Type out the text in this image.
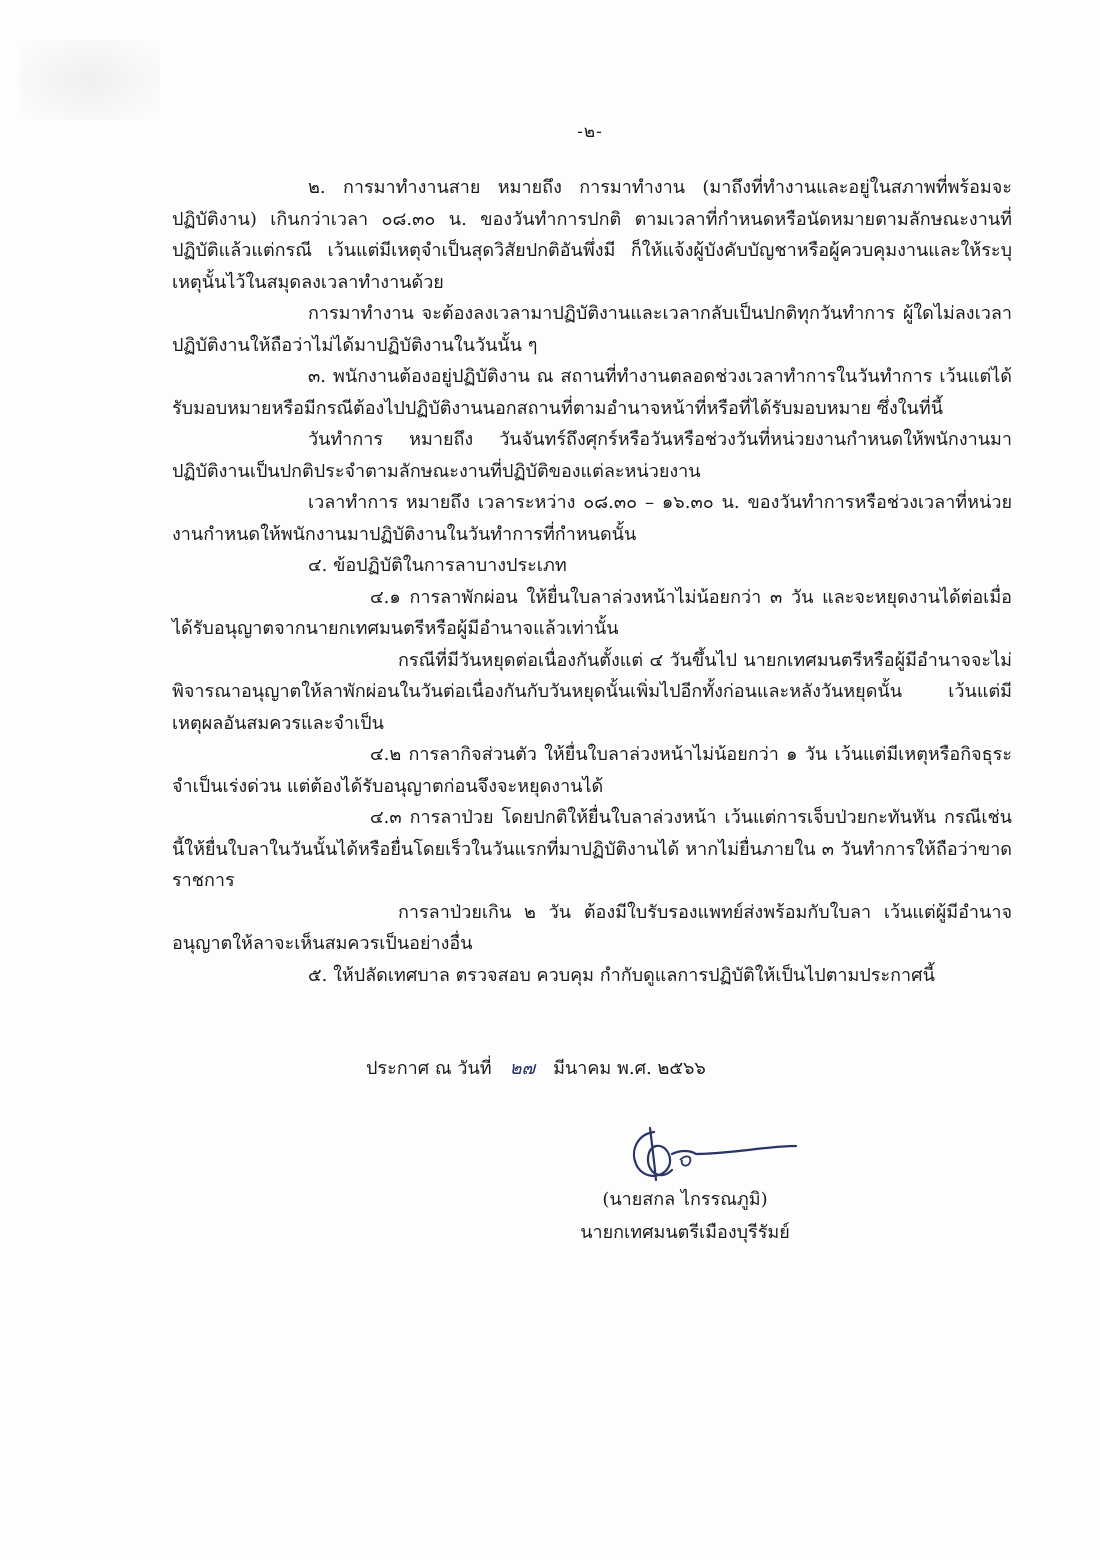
-๒-

๒. การมาทำงานสาย หมายถึง การมาทำงาน (มาถึงที่ทำงานและอยู่ในสภาพที่พร้อมจะปฏิบัติงาน) เกินกว่าเวลา ๐๘.๓๐ น. ของวันทำการปกติ ตามเวลาที่กำหนดหรือนัดหมายตามลักษณะงานที่ปฏิบัติแล้วแต่กรณี เว้นแต่มีเหตุจำเป็นสุดวิสัยปกติอันพึ่งมี ก็ให้แจ้งผู้บังคับบัญชาหรือผู้ควบคุมงานและให้ระบุเหตุนั้นไว้ในสมุดลงเวลาทำงานด้วย

การมาทำงาน จะต้องลงเวลามาปฏิบัติงานและเวลากลับเป็นปกติทุกวันทำการ ผู้ใดไม่ลงเวลาปฏิบัติงานให้ถือว่าไม่ได้มาปฏิบัติงานในวันนั้น ๆ

๓. พนักงานต้องอยู่ปฏิบัติงาน ณ สถานที่ทำงานตลอดช่วงเวลาทำการในวันทำการ เว้นแต่ได้รับมอบหมายหรือมีกรณีต้องไปปฏิบัติงานนอกสถานที่ตามอำนาจหน้าที่หรือที่ได้รับมอบหมาย ซึ่งในที่นี้

วันทำการ หมายถึง วันจันทร์ถึงศุกร์หรือวันหรือช่วงวันที่หน่วยงานกำหนดให้พนักงานมาปฏิบัติงานเป็นปกติประจำตามลักษณะงานที่ปฏิบัติของแต่ละหน่วยงาน

เวลาทำการ หมายถึง เวลาระหว่าง ๐๘.๓๐ – ๑๖.๓๐ น. ของวันทำการหรือช่วงเวลาที่หน่วยงานกำหนดให้พนักงานมาปฏิบัติงานในวันทำการที่กำหนดนั้น

๔. ข้อปฏิบัติในการลาบางประเภท

๔.๑ การลาพักผ่อน ให้ยื่นใบลาล่วงหน้าไม่น้อยกว่า ๓ วัน และจะหยุดงานได้ต่อเมื่อได้รับอนุญาตจากนายกเทศมนตรีหรือผู้มีอำนาจแล้วเท่านั้น

กรณีที่มีวันหยุดต่อเนื่องกันตั้งแต่ ๔ วันขึ้นไป นายกเทศมนตรีหรือผู้มีอำนาจจะไม่พิจารณาอนุญาตให้ลาพักผ่อนในวันต่อเนื่องกันกับวันหยุดนั้นเพิ่มไปอีกทั้งก่อนและหลังวันหยุดนั้น เว้นแต่มีเหตุผลอันสมควรและจำเป็น

๔.๒ การลากิจส่วนตัว ให้ยื่นใบลาล่วงหน้าไม่น้อยกว่า ๑ วัน เว้นแต่มีเหตุหรือกิจธุระจำเป็นเร่งด่วน แต่ต้องได้รับอนุญาตก่อนจึงจะหยุดงานได้

๔.๓ การลาป่วย โดยปกติให้ยื่นใบลาล่วงหน้า เว้นแต่การเจ็บป่วยกะทันหัน กรณีเช่นนี้ให้ยื่นใบลาในวันนั้นได้หรือยื่นโดยเร็วในวันแรกที่มาปฏิบัติงานได้ หากไม่ยื่นภายใน ๓ วันทำการให้ถือว่าขาดราชการ

การลาป่วยเกิน ๒ วัน ต้องมีใบรับรองแพทย์ส่งพร้อมกับใบลา เว้นแต่ผู้มีอำนาจอนุญาตให้ลาจะเห็นสมควรเป็นอย่างอื่น

๕. ให้ปลัดเทศบาล ตรวจสอบ ควบคุม กำกับดูแลการปฏิบัติให้เป็นไปตามประกาศนี้

ประกาศ ณ วันที่ ๒๗ มีนาคม พ.ศ. ๒๕๖๖
(นายสกล ไกรรณภูมิ)
นายกเทศมนตรีเมืองบุรีรัมย์
